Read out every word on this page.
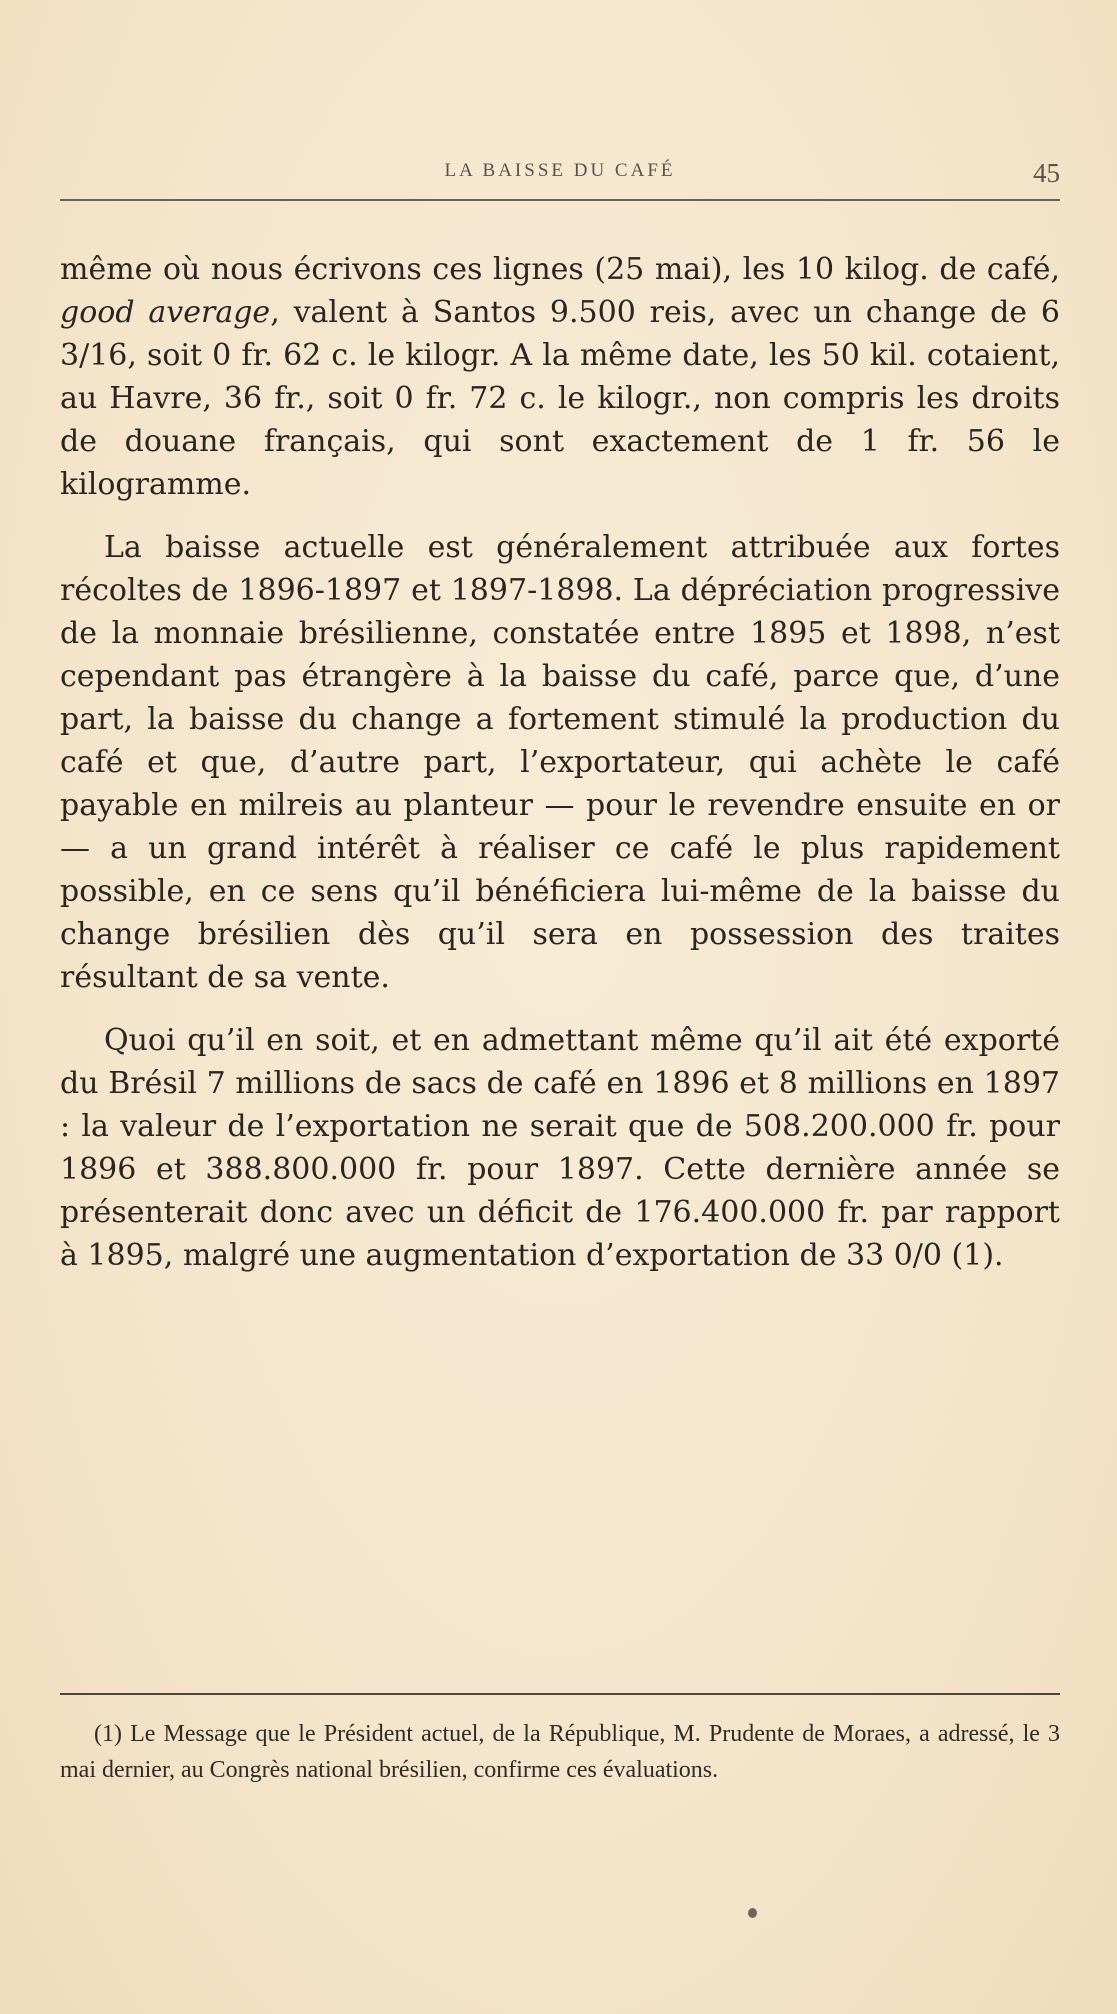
LA BAISSE DU CAFÉ	45

même où nous écrivons ces lignes (25 mai), les 10 kilog. de café, good average, valent à Santos 9.500 reis, avec un change de 6 3/16, soit 0 fr. 62 c. le kilogr. A la même date, les 50 kil. cotaient, au Havre, 36 fr., soit 0 fr. 72 c. le kilogr., non compris les droits de douane français, qui sont exactement de 1 fr. 56 le kilogramme.

La baisse actuelle est généralement attribuée aux fortes récoltes de 1896-1897 et 1897-1898. La dépréciation progressive de la monnaie brésilienne, constatée entre 1895 et 1898, n’est cependant pas étrangère à la baisse du café, parce que, d’une part, la baisse du change a fortement stimulé la production du café et que, d’autre part, l’exportateur, qui achète le café payable en milreis au planteur — pour le revendre ensuite en or — a un grand intérêt à réaliser ce café le plus rapidement possible, en ce sens qu’il bénéficiera lui-même de la baisse du change brésilien dès qu’il sera en possession des traites résultant de sa vente.

Quoi qu’il en soit, et en admettant même qu’il ait été exporté du Brésil 7 millions de sacs de café en 1896 et 8 millions en 1897 : la valeur de l’exportation ne serait que de 508.200.000 fr. pour 1896 et 388.800.000 fr. pour 1897. Cette dernière année se présenterait donc avec un déficit de 176.400.000 fr. par rapport à 1895, malgré une augmentation d’exportation de 33 0/0 (1).

(1) Le Message que le Président actuel, de la République, M. Prudente de Moraes, a adressé, le 3 mai dernier, au Congrès national brésilien, confirme ces évaluations.
